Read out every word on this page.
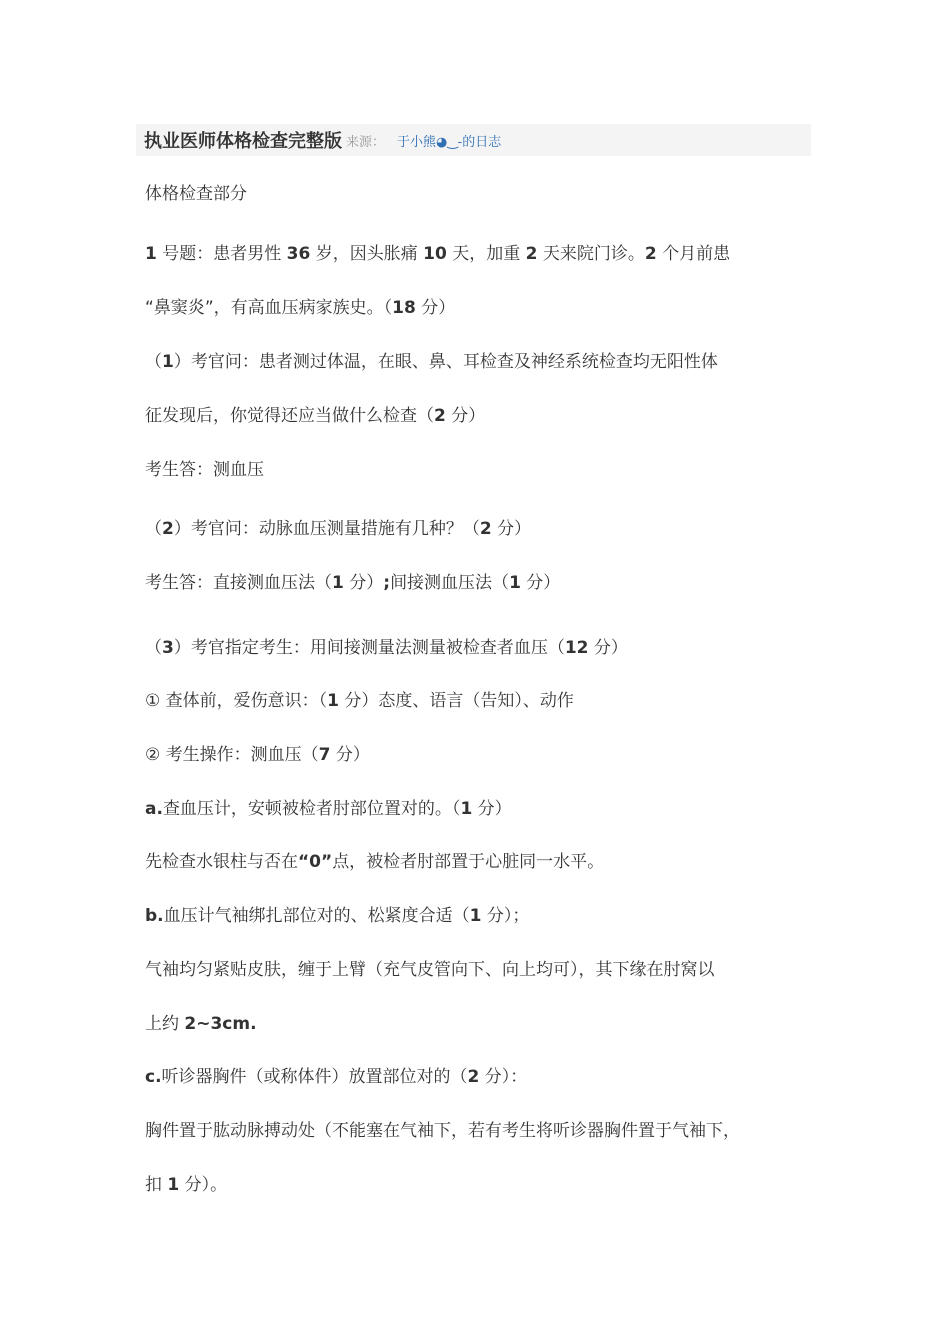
执业医师体格检查完整版 来源： 于小熊◕‿-的日志
体格检查部分
1 号题：患者男性 36 岁，因头胀痛 10 天，加重 2 天来院门诊。2 个月前患
“鼻窦炎”，有高血压病家族史。（18 分）
（1）考官问：患者测过体温，在眼、鼻、耳检查及神经系统检查均无阳性体
征发现后，你觉得还应当做什么检查（2 分）
考生答：测血压
（2）考官问：动脉血压测量措施有几种？（2 分）
考生答：直接测血压法（1 分）;间接测血压法（1 分）
（3）考官指定考生：用间接测量法测量被检查者血压（12 分）
① 查体前，爱伤意识：（1 分）态度、语言（告知）、动作
② 考生操作：测血压（7 分）
a.查血压计，安顿被检者肘部位置对的。（1 分）
先检查水银柱与否在“0”点，被检者肘部置于心脏同一水平。
b.血压计气袖绑扎部位对的、松紧度合适（1 分）；
气袖均匀紧贴皮肤，缠于上臂（充气皮管向下、向上均可），其下缘在肘窝以
上约 2~3cm.
c.听诊器胸件（或称体件）放置部位对的（2 分）：
胸件置于肱动脉搏动处（不能塞在气袖下，若有考生将听诊器胸件置于气袖下，
扣 1 分）。
